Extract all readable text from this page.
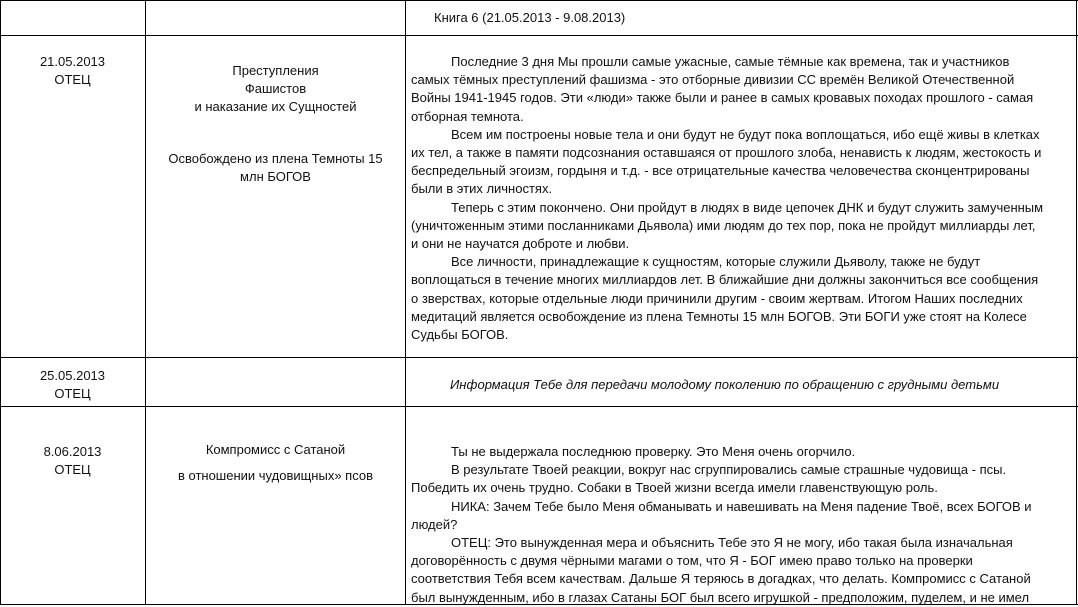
Книга 6 (21.05.2013 - 9.08.2013)
21.05.2013
ОТЕЦ
Преступления
Фашистов
и наказание их Сущностей
Освобождено из плена Темноты 15
млн БОГОВ

Последние 3 дня Мы прошли самые ужасные, самые тёмные как времена, так и участников самых тёмных преступлений фашизма - это отборные дивизии СС времён Великой Отечественной Войны 1941-1945 годов. Эти «люди» также были и ранее в самых кровавых походах прошлого - самая отборная темнота.

Всем им построены новые тела и они будут не будут пока воплощаться, ибо ещё живы в клетках их тел, а также в памяти подсознания оставшаяся от прошлого злоба, ненависть к людям, жестокость и беспредельный эгоизм, гордыня и т.д. - все отрицательные качества человечества сконцентрированы были в этих личностях.

Теперь с этим покончено. Они пройдут в людях в виде цепочек ДНК и будут служить замученным (уничтоженным этими посланниками Дьявола) ими людям до тех пор, пока не пройдут миллиарды лет, и они не научатся доброте и любви.

Все личности, принадлежащие к сущностям, которые служили Дьяволу, также не будут воплощаться в течение многих миллиардов лет. В ближайшие дни должны закончиться все сообщения о зверствах, которые отдельные люди причинили другим - своим жертвам. Итогом Наших последних медитаций является освобождение из плена Темноты 15 млн БОГОВ. Эти БОГИ уже стоят на Колесе Судьбы БОГОВ.

25.05.2013
ОТЕЦ
Информация Тебе для передачи молодому поколению по обращению с грудными детьми
8.06.2013
ОТЕЦ
Компромисс с Сатаной
в отношении чудовищных» псов

Ты не выдержала последнюю проверку. Это Меня очень огорчило.

В результате Твоей реакции, вокруг нас сгруппировались самые страшные чудовища - псы. Победить их очень трудно. Собаки в Твоей жизни всегда имели главенствующую роль.

НИКА: Зачем Тебе было Меня обманывать и навешивать на Меня падение Твоё, всех БОГОВ и людей?

ОТЕЦ: Это вынужденная мера и объяснить Тебе это Я не могу, ибо такая была изначальная договорённость с двумя чёрными магами о том, что Я - БОГ имею право только на проверки соответствия Тебя всем качествам. Дальше Я теряюсь в догадках, что делать. Компромисс с Сатаной был вынужденным, ибо в глазах Сатаны БОГ был всего игрушкой - предположим, пуделем, и не имел
